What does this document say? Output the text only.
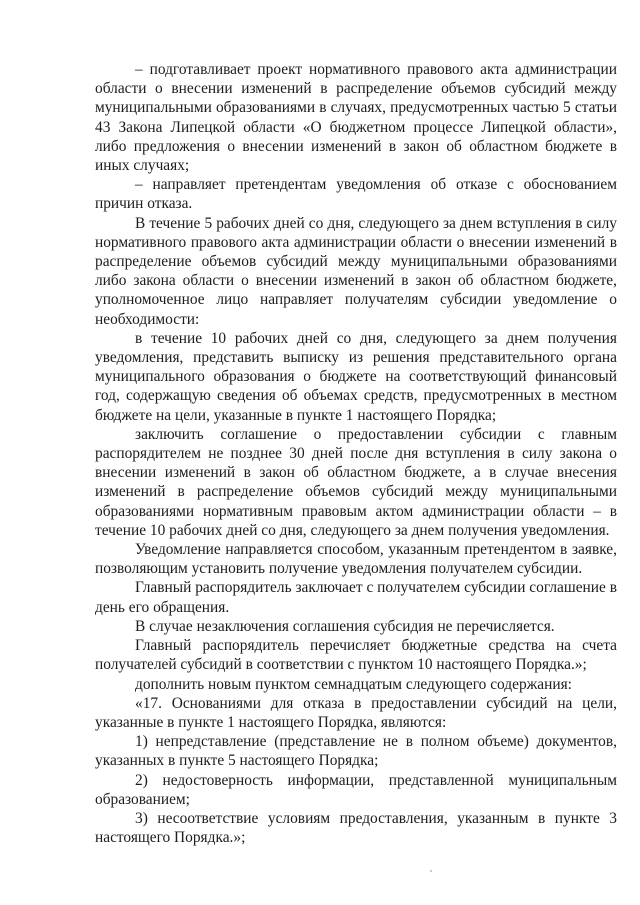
– подготавливает проект нормативного правового акта администрации области о внесении изменений в распределение объемов субсидий между муниципальными образованиями в случаях, предусмотренных частью 5 статьи 43 Закона Липецкой области «О бюджетном процессе Липецкой области», либо предложения о внесении изменений в закон об областном бюджете в иных случаях;

– направляет претендентам уведомления об отказе с обоснованием причин отказа.

В течение 5 рабочих дней со дня, следующего за днем вступления в силу нормативного правового акта администрации области о внесении изменений в распределение объемов субсидий между муниципальными образованиями либо закона области о внесении изменений в закон об областном бюджете, уполномоченное лицо направляет получателям субсидии уведомление о необходимости:

в течение 10 рабочих дней со дня, следующего за днем получения уведомления, представить выписку из решения представительного органа муниципального образования о бюджете на соответствующий финансовый год, содержащую сведения об объемах средств, предусмотренных в местном бюджете на цели, указанные в пункте 1 настоящего Порядка;

заключить соглашение о предоставлении субсидии с главным распорядителем не позднее 30 дней после дня вступления в силу закона о внесении изменений в закон об областном бюджете, а в случае внесения изменений в распределение объемов субсидий между муниципальными образованиями нормативным правовым актом администрации области – в течение 10 рабочих дней со дня, следующего за днем получения уведомления.

Уведомление направляется способом, указанным претендентом в заявке, позволяющим установить получение уведомления получателем субсидии.

Главный распорядитель заключает с получателем субсидии соглашение в день его обращения.

В случае незаключения соглашения субсидия не перечисляется.

Главный распорядитель перечисляет бюджетные средства на счета получателей субсидий в соответствии с пунктом 10 настоящего Порядка.»;

дополнить новым пунктом семнадцатым следующего содержания:

«17. Основаниями для отказа в предоставлении субсидий на цели, указанные в пункте 1 настоящего Порядка, являются:

1) непредставление (представление не в полном объеме) документов, указанных в пункте 5 настоящего Порядка;

2) недостоверность информации, представленной муниципальным образованием;

3) несоответствие условиям предоставления, указанным в пункте 3 настоящего Порядка.»;
